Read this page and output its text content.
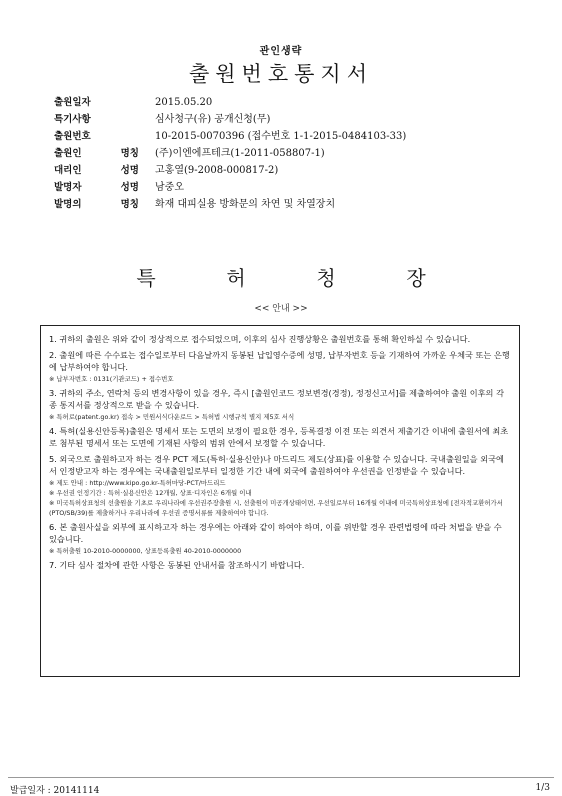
관인생략
출원번호통지서
출원일자	2015.05.20
특기사항	심사청구(유) 공개신청(무)
출원번호	10-2015-0070396 (접수번호 1-1-2015-0484103-33)
출원인 명칭 (주)이엔에프테크(1-2011-058807-1)
대리인 성명 고홍열(9-2008-000817-2)
발명자 성명 남중오
발명의 명칭 화재 대피실용 방화문의 차연 및 차열장치
특	허	청	장
<< 안내 >>
1. 귀하의 출원은 위와 같이 정상적으로 접수되었으며, 이후의 심사 진행상황은 출원번호를 통해 확인하실 수 있습니다.
2. 출원에 따른 수수료는 접수일로부터 다음날까지 동봉된 납입영수증에 성명, 납부자번호 등을 기재하여 가까운 우체국 또는 은행에 납부하여야 합니다.
※ 납부자번호 : 0131(기관코드) + 접수번호
3. 귀하의 주소, 연락처 등의 변경사항이 있을 경우, 즉시 [출원인코드 정보변경(경정), 정정신고서]를 제출하여야 출원 이후의 각종 통지서를 정상적으로 받을 수 있습니다.
※ 특허로(patent.go.kr) 접속 > 민원서식다운로드 > 특허법 시행규칙 별지 제5호 서식
4. 특허(실용신안등록)출원은 명세서 또는 도면의 보정이 필요한 경우, 등록결정 이전 또는 의견서 제출기간 이내에 출원서에 최초로 첨부된 명세서 또는 도면에 기재된 사항의 범위 안에서 보정할 수 있습니다.
5. 외국으로 출원하고자 하는 경우 PCT 제도(특허·실용신안)나 마드리드 제도(상표)를 이용할 수 있습니다. 국내출원일을 외국에서 인정받고자 하는 경우에는 국내출원일로부터 일정한 기간 내에 외국에 출원하여야 우선권을 인정받을 수 있습니다.
※ 제도 안내 : http://www.kipo.go.kr-특허마당-PCT/마드리드
※ 우선권 인정기간 : 특허·실용신안은 12개월, 상표·디자인은 6개월 이내
※ 미국특허상표청의 선출원을 기초로 우리나라에 우선권주장출원 시, 선출원이 미공개상태이면, 우선일로부터 16개월 이내에 미국특허상표청에 [전자적교환허가서(PTO/SB/39)를 제출하거나 우리나라에 우선권 증명서류를 제출하여야 합니다.
6. 본 출원사실을 외부에 표시하고자 하는 경우에는 아래와 같이 하여야 하며, 이를 위반할 경우 관련법령에 따라 처벌을 받을 수 있습니다.
※ 특허출원 10-2010-0000000, 상표등록출원 40-2010-0000000
7. 기타 심사 절차에 관한 사항은 동봉된 안내서를 참조하시기 바랍니다.
발급일자 : 20141114	1/3
